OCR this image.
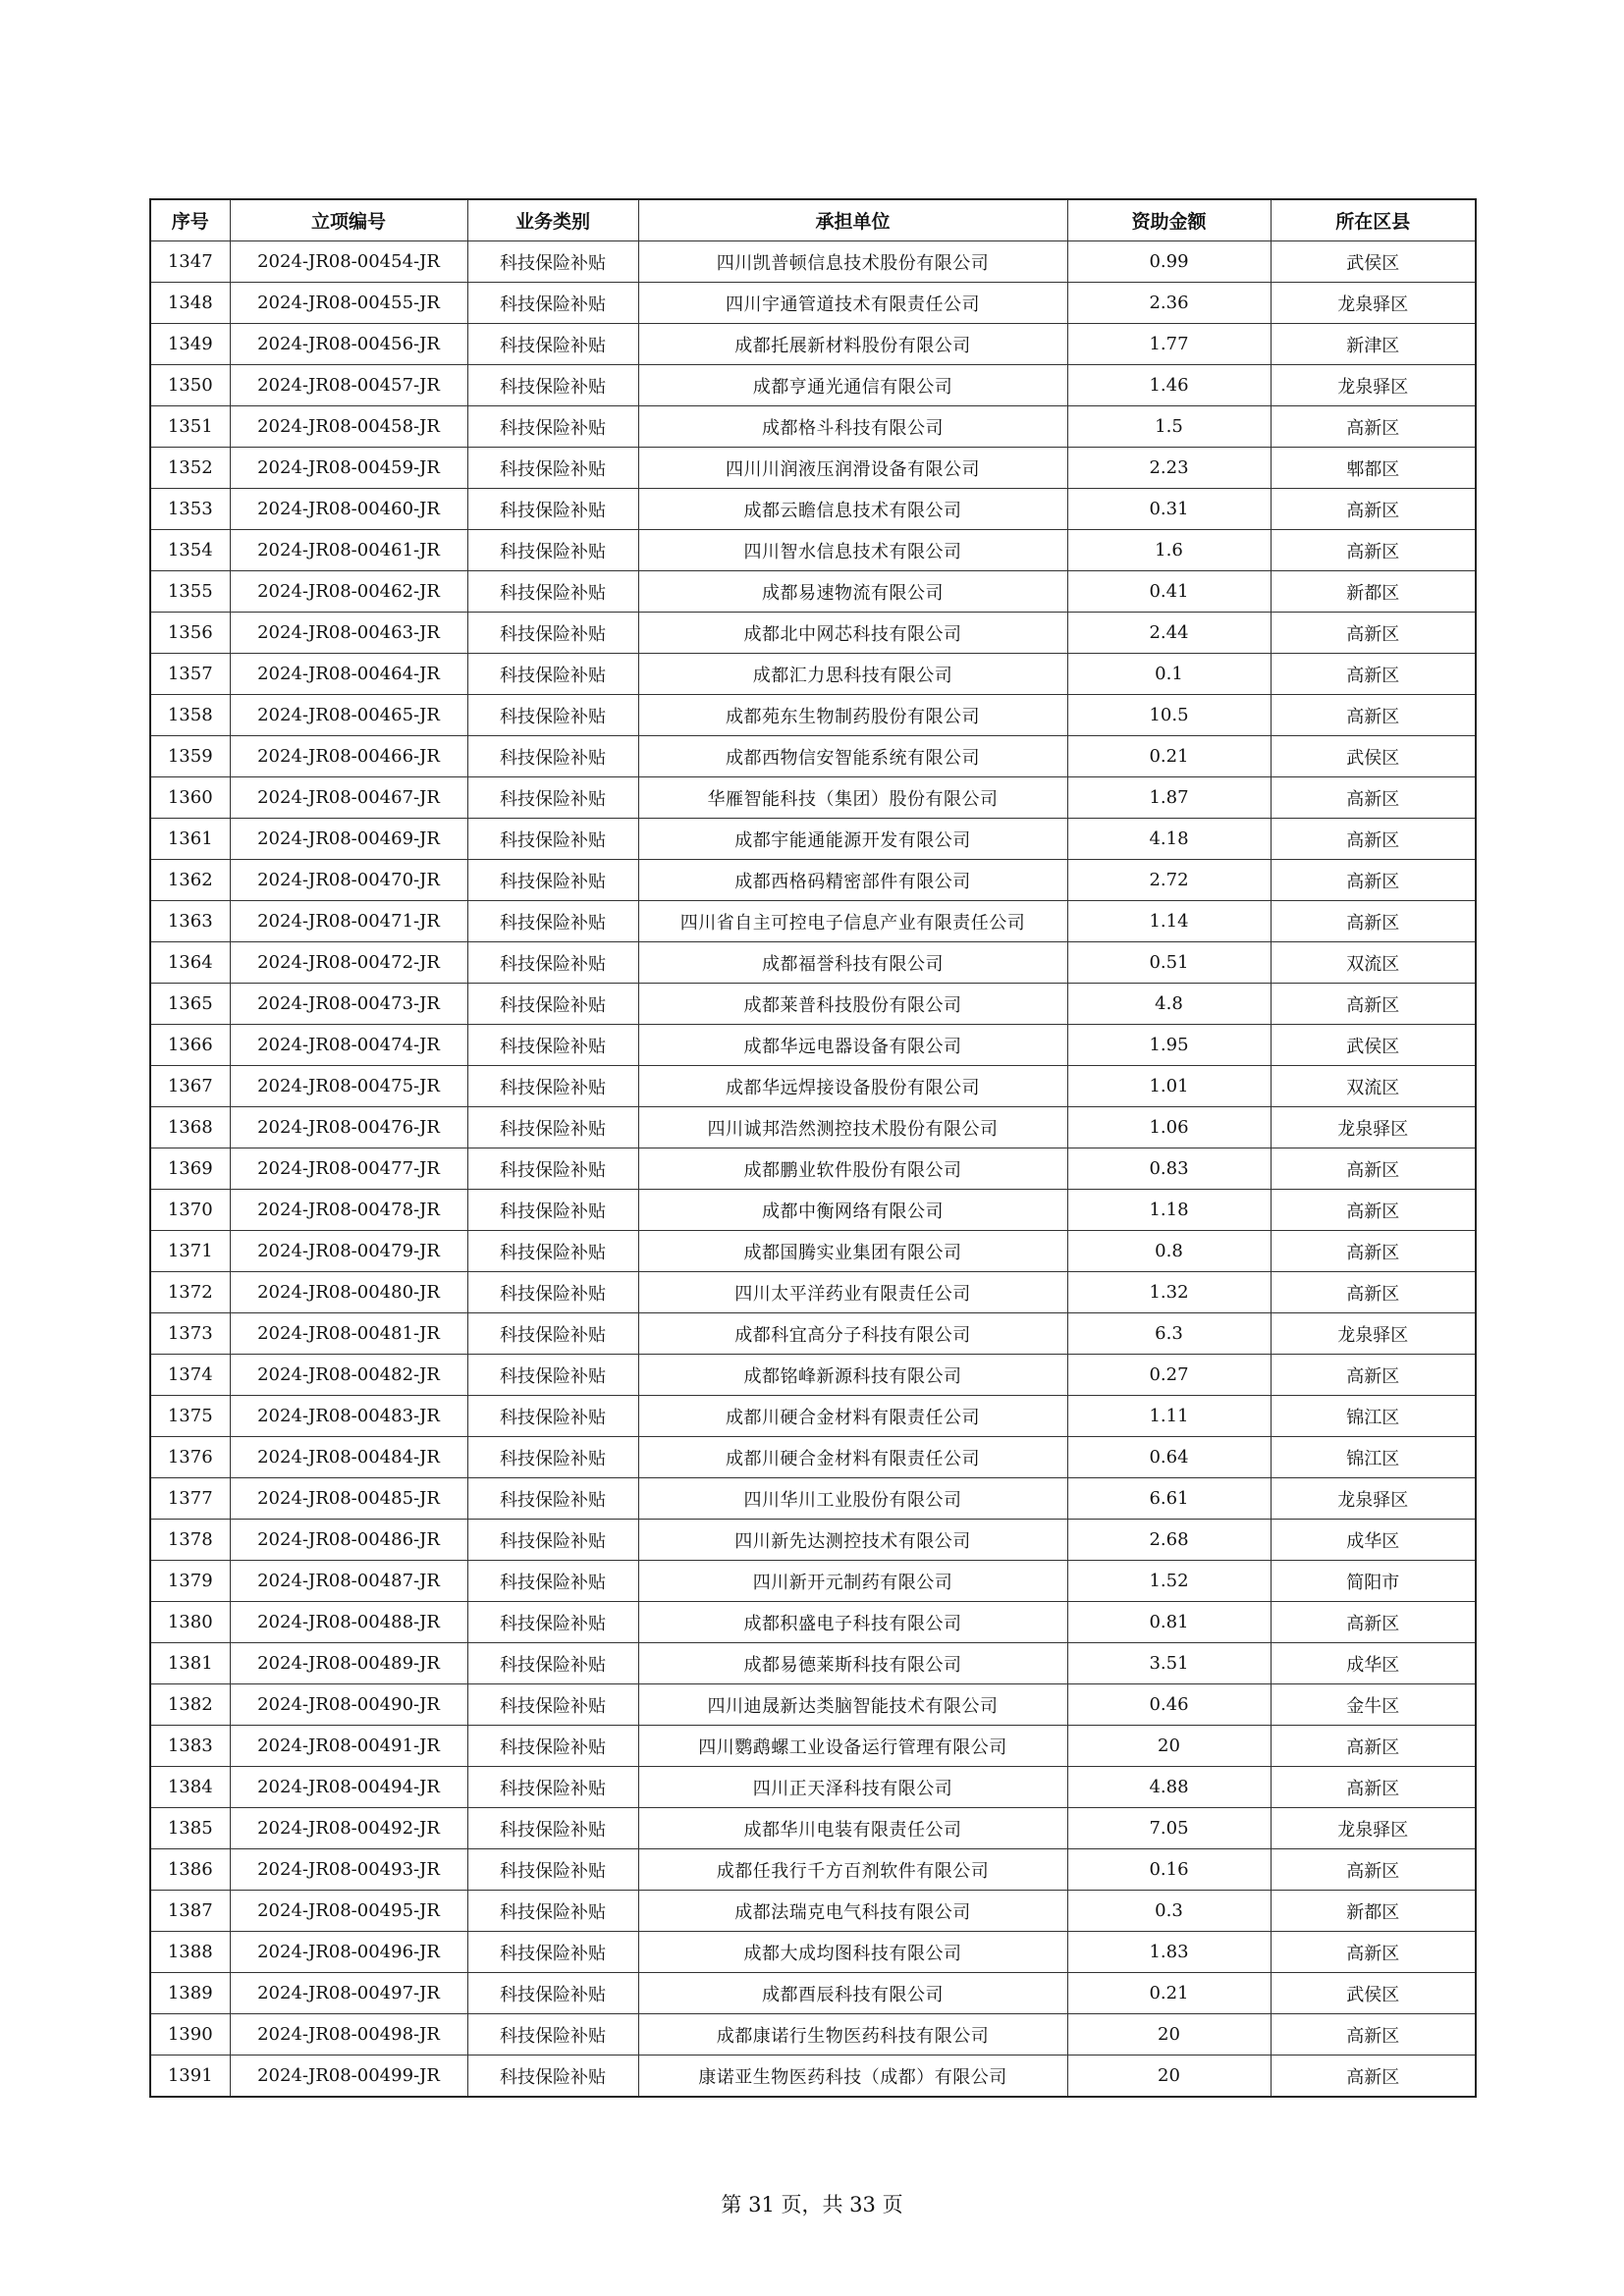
序号	立项编号	业务类别	承担单位	资助金额	所在区县
1347	2024-JR08-00454-JR	科技保险补贴	四川凯普顿信息技术股份有限公司	0.99	武侯区
1348	2024-JR08-00455-JR	科技保险补贴	四川宇通管道技术有限责任公司	2.36	龙泉驿区
1349	2024-JR08-00456-JR	科技保险补贴	成都托展新材料股份有限公司	1.77	新津区
1350	2024-JR08-00457-JR	科技保险补贴	成都亨通光通信有限公司	1.46	龙泉驿区
1351	2024-JR08-00458-JR	科技保险补贴	成都格斗科技有限公司	1.5	高新区
1352	2024-JR08-00459-JR	科技保险补贴	四川川润液压润滑设备有限公司	2.23	郫都区
1353	2024-JR08-00460-JR	科技保险补贴	成都云瞻信息技术有限公司	0.31	高新区
1354	2024-JR08-00461-JR	科技保险补贴	四川智水信息技术有限公司	1.6	高新区
1355	2024-JR08-00462-JR	科技保险补贴	成都易速物流有限公司	0.41	新都区
1356	2024-JR08-00463-JR	科技保险补贴	成都北中网芯科技有限公司	2.44	高新区
1357	2024-JR08-00464-JR	科技保险补贴	成都汇力思科技有限公司	0.1	高新区
1358	2024-JR08-00465-JR	科技保险补贴	成都苑东生物制药股份有限公司	10.5	高新区
1359	2024-JR08-00466-JR	科技保险补贴	成都西物信安智能系统有限公司	0.21	武侯区
1360	2024-JR08-00467-JR	科技保险补贴	华雁智能科技（集团）股份有限公司	1.87	高新区
1361	2024-JR08-00469-JR	科技保险补贴	成都宇能通能源开发有限公司	4.18	高新区
1362	2024-JR08-00470-JR	科技保险补贴	成都西格码精密部件有限公司	2.72	高新区
1363	2024-JR08-00471-JR	科技保险补贴	四川省自主可控电子信息产业有限责任公司	1.14	高新区
1364	2024-JR08-00472-JR	科技保险补贴	成都福誉科技有限公司	0.51	双流区
1365	2024-JR08-00473-JR	科技保险补贴	成都莱普科技股份有限公司	4.8	高新区
1366	2024-JR08-00474-JR	科技保险补贴	成都华远电器设备有限公司	1.95	武侯区
1367	2024-JR08-00475-JR	科技保险补贴	成都华远焊接设备股份有限公司	1.01	双流区
1368	2024-JR08-00476-JR	科技保险补贴	四川诚邦浩然测控技术股份有限公司	1.06	龙泉驿区
1369	2024-JR08-00477-JR	科技保险补贴	成都鹏业软件股份有限公司	0.83	高新区
1370	2024-JR08-00478-JR	科技保险补贴	成都中衡网络有限公司	1.18	高新区
1371	2024-JR08-00479-JR	科技保险补贴	成都国腾实业集团有限公司	0.8	高新区
1372	2024-JR08-00480-JR	科技保险补贴	四川太平洋药业有限责任公司	1.32	高新区
1373	2024-JR08-00481-JR	科技保险补贴	成都科宜高分子科技有限公司	6.3	龙泉驿区
1374	2024-JR08-00482-JR	科技保险补贴	成都铭峰新源科技有限公司	0.27	高新区
1375	2024-JR08-00483-JR	科技保险补贴	成都川硬合金材料有限责任公司	1.11	锦江区
1376	2024-JR08-00484-JR	科技保险补贴	成都川硬合金材料有限责任公司	0.64	锦江区
1377	2024-JR08-00485-JR	科技保险补贴	四川华川工业股份有限公司	6.61	龙泉驿区
1378	2024-JR08-00486-JR	科技保险补贴	四川新先达测控技术有限公司	2.68	成华区
1379	2024-JR08-00487-JR	科技保险补贴	四川新开元制药有限公司	1.52	简阳市
1380	2024-JR08-00488-JR	科技保险补贴	成都积盛电子科技有限公司	0.81	高新区
1381	2024-JR08-00489-JR	科技保险补贴	成都易德莱斯科技有限公司	3.51	成华区
1382	2024-JR08-00490-JR	科技保险补贴	四川迪晟新达类脑智能技术有限公司	0.46	金牛区
1383	2024-JR08-00491-JR	科技保险补贴	四川鹦鹉螺工业设备运行管理有限公司	20	高新区
1384	2024-JR08-00494-JR	科技保险补贴	四川正天泽科技有限公司	4.88	高新区
1385	2024-JR08-00492-JR	科技保险补贴	成都华川电装有限责任公司	7.05	龙泉驿区
1386	2024-JR08-00493-JR	科技保险补贴	成都任我行千方百剂软件有限公司	0.16	高新区
1387	2024-JR08-00495-JR	科技保险补贴	成都法瑞克电气科技有限公司	0.3	新都区
1388	2024-JR08-00496-JR	科技保险补贴	成都大成均图科技有限公司	1.83	高新区
1389	2024-JR08-00497-JR	科技保险补贴	成都酉辰科技有限公司	0.21	武侯区
1390	2024-JR08-00498-JR	科技保险补贴	成都康诺行生物医药科技有限公司	20	高新区
1391	2024-JR08-00499-JR	科技保险补贴	康诺亚生物医药科技（成都）有限公司	20	高新区
第 31 页，共 33 页
